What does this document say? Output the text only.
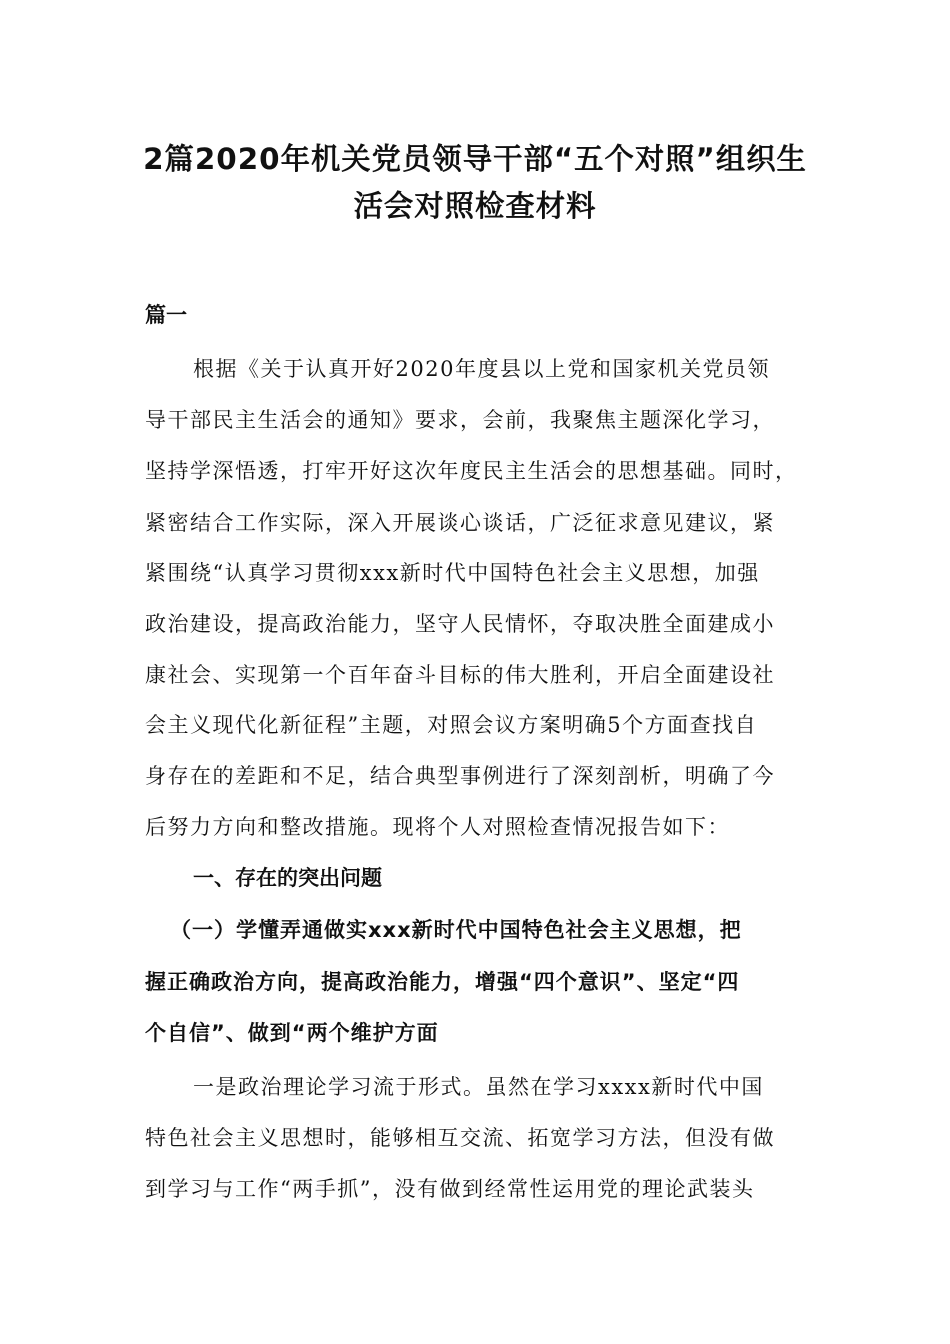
2篇2020年机关党员领导干部“五个对照”组织生
活会对照检查材料
篇一
根据《关于认真开好2020年度县以上党和国家机关党员领
导干部民主生活会的通知》要求，会前，我聚焦主题深化学习，
坚持学深悟透，打牢开好这次年度民主生活会的思想基础。同时，
紧密结合工作实际，深入开展谈心谈话，广泛征求意见建议，紧
紧围绕“认真学习贯彻xxx新时代中国特色社会主义思想，加强
政治建设，提高政治能力，坚守人民情怀，夺取决胜全面建成小
康社会、实现第一个百年奋斗目标的伟大胜利，开启全面建设社
会主义现代化新征程”主题，对照会议方案明确5个方面查找自
身存在的差距和不足，结合典型事例进行了深刻剖析，明确了今
后努力方向和整改措施。现将个人对照检查情况报告如下：
一、存在的突出问题
（一）学懂弄通做实xxx新时代中国特色社会主义思想，把
握正确政治方向，提高政治能力，增强“四个意识”、坚定“四
个自信”、做到“两个维护方面
一是政治理论学习流于形式。虽然在学习xxxx新时代中国
特色社会主义思想时，能够相互交流、拓宽学习方法，但没有做
到学习与工作“两手抓”，没有做到经常性运用党的理论武装头
